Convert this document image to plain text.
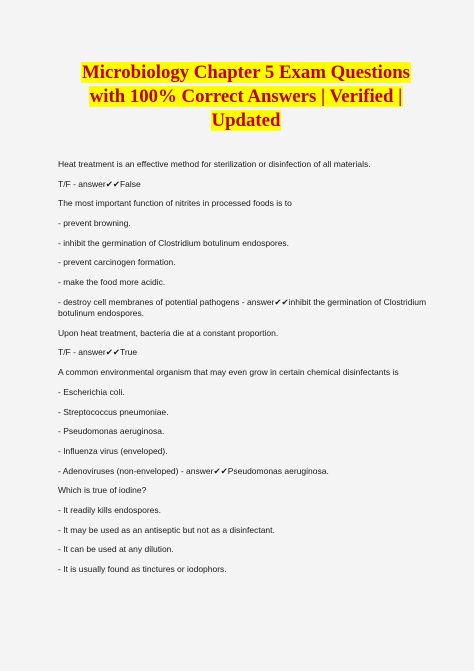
Microbiology Chapter 5 Exam Questions
with 100% Correct Answers | Verified |
Updated

Heat treatment is an effective method for sterilization or disinfection of all materials.

T/F - answer✔✔False

The most important function of nitrites in processed foods is to

- prevent browning.

- inhibit the germination of Clostridium botulinum endospores.

- prevent carcinogen formation.

- make the food more acidic.

- destroy cell membranes of potential pathogens - answer✔✔inhibit the germination of Clostridium botulinum endospores.

Upon heat treatment, bacteria die at a constant proportion.

T/F - answer✔✔True

A common environmental organism that may even grow in certain chemical disinfectants is

- Escherichia coli.

- Streptococcus pneumoniae.

- Pseudomonas aeruginosa.

- Influenza virus (enveloped).

- Adenoviruses (non-enveloped) - answer✔✔Pseudomonas aeruginosa.

Which is true of iodine?

- It readily kills endospores.

- It may be used as an antiseptic but not as a disinfectant.

- It can be used at any dilution.

- It is usually found as tinctures or iodophors.
